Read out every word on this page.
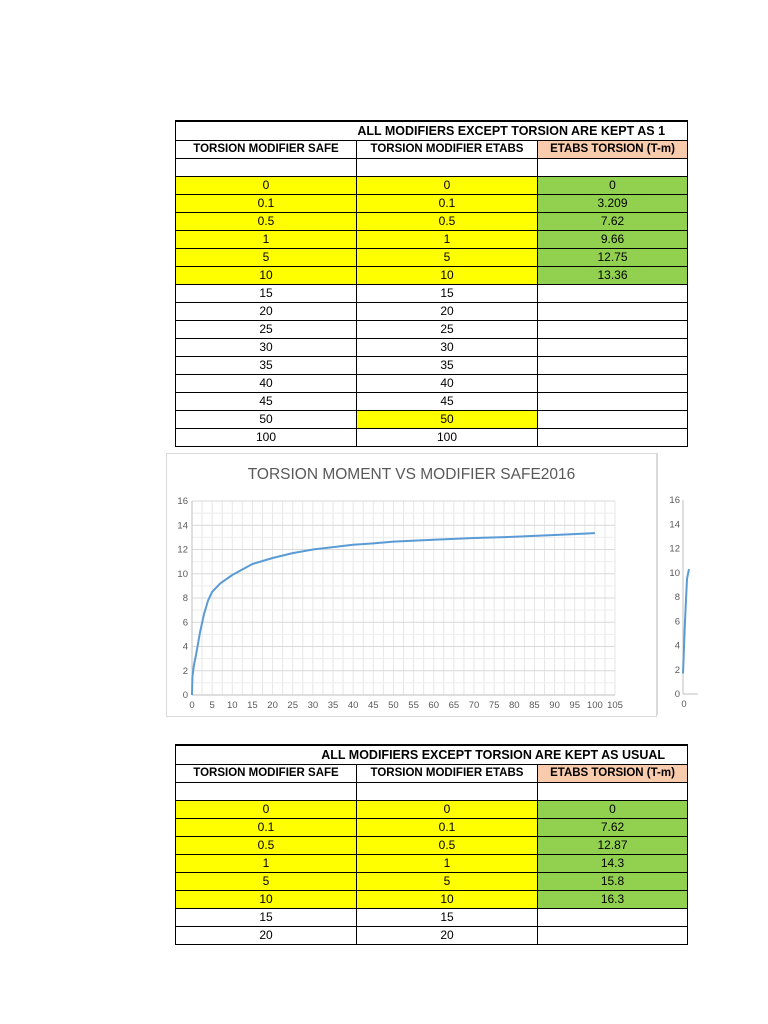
ALL MODIFIERS EXCEPT TORSION ARE KEPT AS 1		
TORSION MODIFIER SAFE	TORSION MODIFIER ETABS	ETABS TORSION (T-m)

0	0	0
0.1	0.1	3.209
0.5	0.5	7.62
1	1	9.66
5	5	12.75
10	10	13.36
15	15	
20	20	
25	25	
30	30	
35	35	
40	40	
45	45	
50	50	
100	100	
TORSION MOMENT VS MODIFIER SAFE2016
0
2
4
6
8
10
12
14
16
0 5 10 15 20 25 30 35 40 45 50 55 60 65 70 75 80 85 90 95 100 105
0
2
4
6
8
10
12
14
16
0
ALL MODIFIERS EXCEPT TORSION ARE KEPT AS USUAL		
TORSION MODIFIER SAFE	TORSION MODIFIER ETABS	ETABS TORSION (T-m)

0	0	0
0.1	0.1	7.62
0.5	0.5	12.87
1	1	14.3
5	5	15.8
10	10	16.3
15	15	
20	20	
